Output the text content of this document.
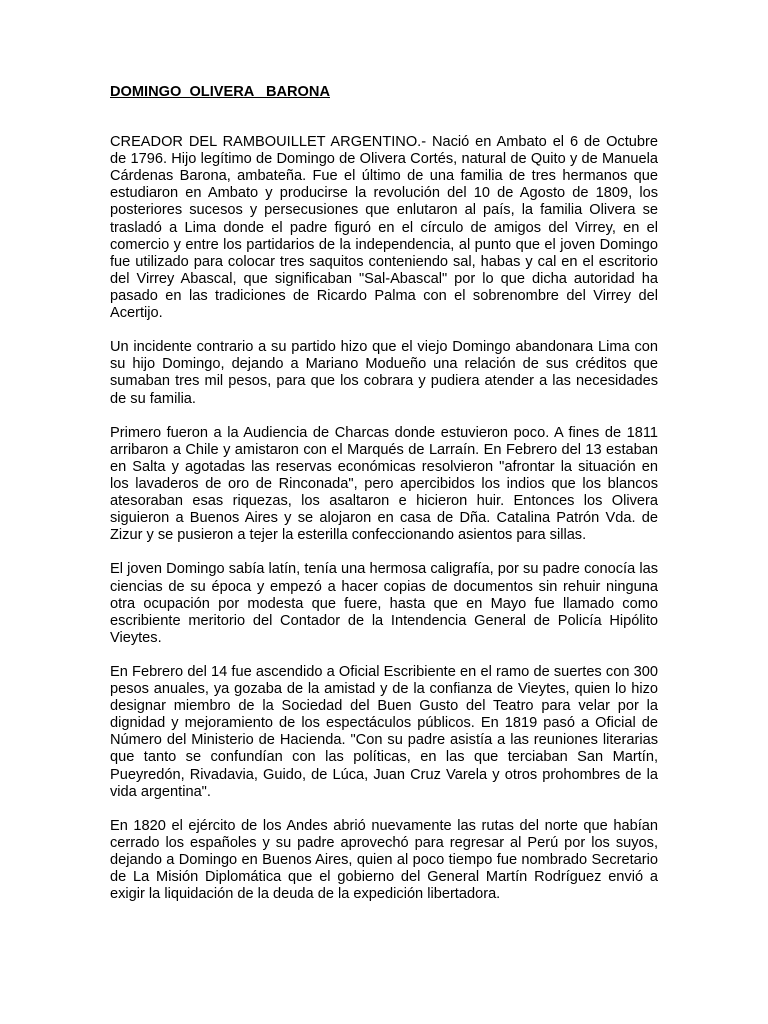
DOMINGO  OLIVERA   BARONA

CREADOR DEL RAMBOUILLET ARGENTINO.- Nació en Ambato el 6 de Octubre de 1796. Hijo legítimo de Domingo de Olivera Cortés, natural de Quito y de Manuela Cárdenas Barona, ambateña. Fue el último de una familia de tres hermanos que estudiaron en Ambato y producirse la revolución del 10 de Agosto de 1809, los posteriores sucesos y persecusiones que enlutaron al país, la familia Olivera se trasladó a Lima donde el padre figuró en el círculo de amigos del Virrey, en el comercio y entre los partidarios de la independencia, al punto que el joven Domingo fue utilizado para colocar tres saquitos conteniendo sal, habas y cal en el escritorio del Virrey Abascal, que significaban "Sal-Abascal" por lo que dicha autoridad ha pasado en las tradiciones de Ricardo Palma con el sobrenombre del Virrey del Acertijo.

Un incidente contrario a su partido hizo que el viejo Domingo abandonara Lima con su hijo Domingo, dejando a Mariano Modueño una relación de sus créditos que sumaban tres mil pesos, para que los cobrara y pudiera atender a las necesidades de su familia.

Primero fueron a la Audiencia de Charcas donde estuvieron poco. A fines de 1811 arribaron a Chile y amistaron con el Marqués de Larraín. En Febrero del 13 estaban en Salta y agotadas las reservas económicas resolvieron "afrontar la situación en los lavaderos de oro de Rinconada", pero apercibidos los indios que los blancos atesoraban esas riquezas, los asaltaron e hicieron huir. Entonces los Olivera siguieron a Buenos Aires y se alojaron en casa de Dña. Catalina Patrón Vda. de Zizur y se pusieron a tejer la esterilla confeccionando asientos para sillas.

El joven Domingo sabía latín, tenía una hermosa caligrafía, por su padre conocía las ciencias de su época y empezó a hacer copias de documentos sin rehuir ninguna otra ocupación por modesta que fuere, hasta que en Mayo fue llamado como escribiente meritorio del Contador de la Intendencia General de Policía Hipólito Vieytes.

En Febrero del 14 fue ascendido a Oficial Escribiente en el ramo de suertes con 300 pesos anuales, ya gozaba de la amistad y de la confianza de Vieytes, quien lo hizo designar miembro de la Sociedad del Buen Gusto del Teatro para velar por la dignidad y mejoramiento de los espectáculos públicos. En 1819 pasó a Oficial de Número del Ministerio de Hacienda. "Con su padre asistía a las reuniones literarias que tanto se confundían con las políticas, en las que terciaban San Martín, Pueyredón, Rivadavia, Guido, de Lúca, Juan Cruz Varela y otros prohombres de la vida argentina".

En 1820 el ejército de los Andes abrió nuevamente las rutas del norte que habían cerrado los españoles y su padre aprovechó para regresar al Perú por los suyos, dejando a Domingo en Buenos Aires, quien al poco tiempo fue nombrado Secretario de La Misión Diplomática que el gobierno del General Martín Rodríguez envió a exigir la liquidación de la deuda de la expedición libertadora.
